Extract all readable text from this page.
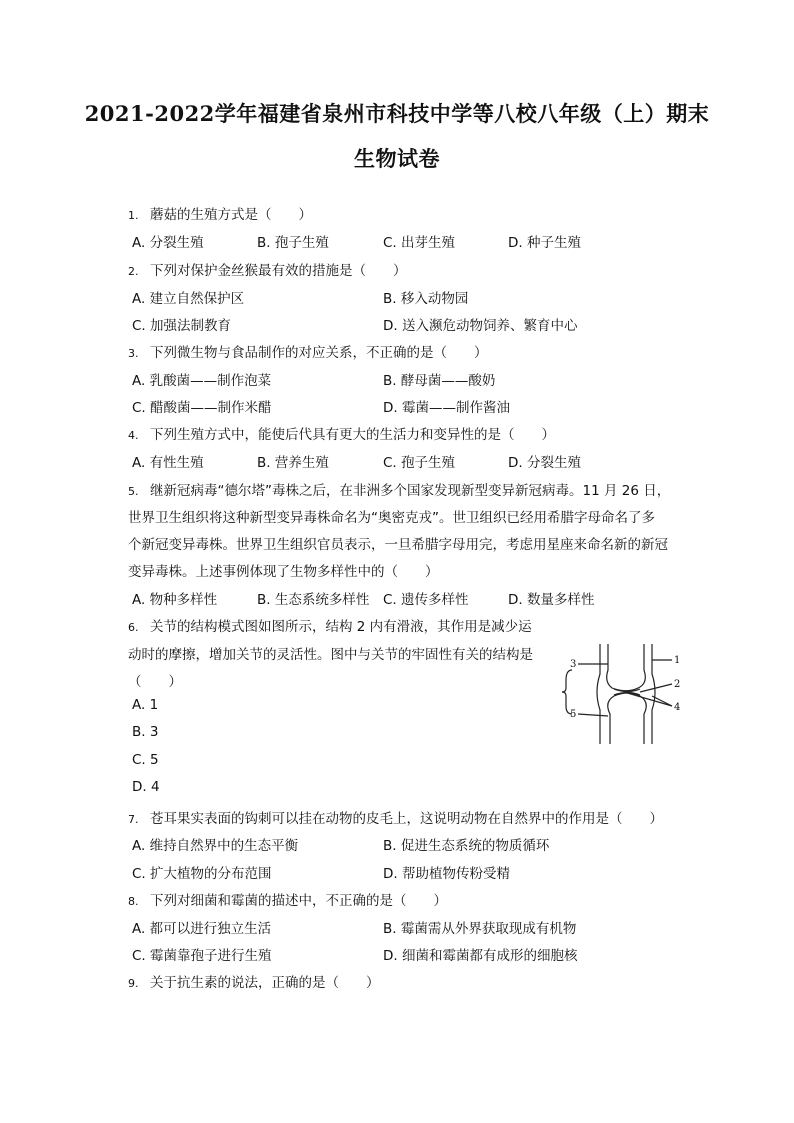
2021-2022学年福建省泉州市科技中学等八校八年级（上）期末
生物试卷
1. 蘑菇的生殖方式是（　　）
A. 分裂生殖	B. 孢子生殖	C. 出芽生殖	D. 种子生殖
2. 下列对保护金丝猴最有效的措施是（　　）
A. 建立自然保护区	B. 移入动物园
C. 加强法制教育	D. 送入濒危动物饲养、繁育中心
3. 下列微生物与食品制作的对应关系，不正确的是（　　）
A. 乳酸菌——制作泡菜	B. 酵母菌——酸奶
C. 醋酸菌——制作米醋	D. 霉菌——制作酱油
4. 下列生殖方式中，能使后代具有更大的生活力和变异性的是（　　）
A. 有性生殖	B. 营养生殖	C. 孢子生殖	D. 分裂生殖
5. 继新冠病毒“德尔塔”毒株之后，在非洲多个国家发现新型变异新冠病毒。11 月 26 日，
世界卫生组织将这种新型变异毒株命名为“奥密克戎”。世卫组织已经用希腊字母命名了多
个新冠变异毒株。世界卫生组织官员表示，一旦希腊字母用完，考虑用星座来命名新的新冠
变异毒株。上述事例体现了生物多样性中的（　　）
A. 物种多样性	B. 生态系统多样性 C. 遗传多样性	D. 数量多样性
6. 关节的结构模式图如图所示，结构 2 内有滑液，其作用是减少运
动时的摩擦，增加关节的灵活性。图中与关节的牢固性有关的结构是
（　　）
A. 1
B. 3
C. 5
D. 4
1
2
3
4
5
7. 苍耳果实表面的钩刺可以挂在动物的皮毛上，这说明动物在自然界中的作用是（　　）
A. 维持自然界中的生态平衡	B. 促进生态系统的物质循环
C. 扩大植物的分布范围	D. 帮助植物传粉受精
8. 下列对细菌和霉菌的描述中，不正确的是（　　）
A. 都可以进行独立生活	B. 霉菌需从外界获取现成有机物
C. 霉菌靠孢子进行生殖	D. 细菌和霉菌都有成形的细胞核
9. 关于抗生素的说法，正确的是（　　）
